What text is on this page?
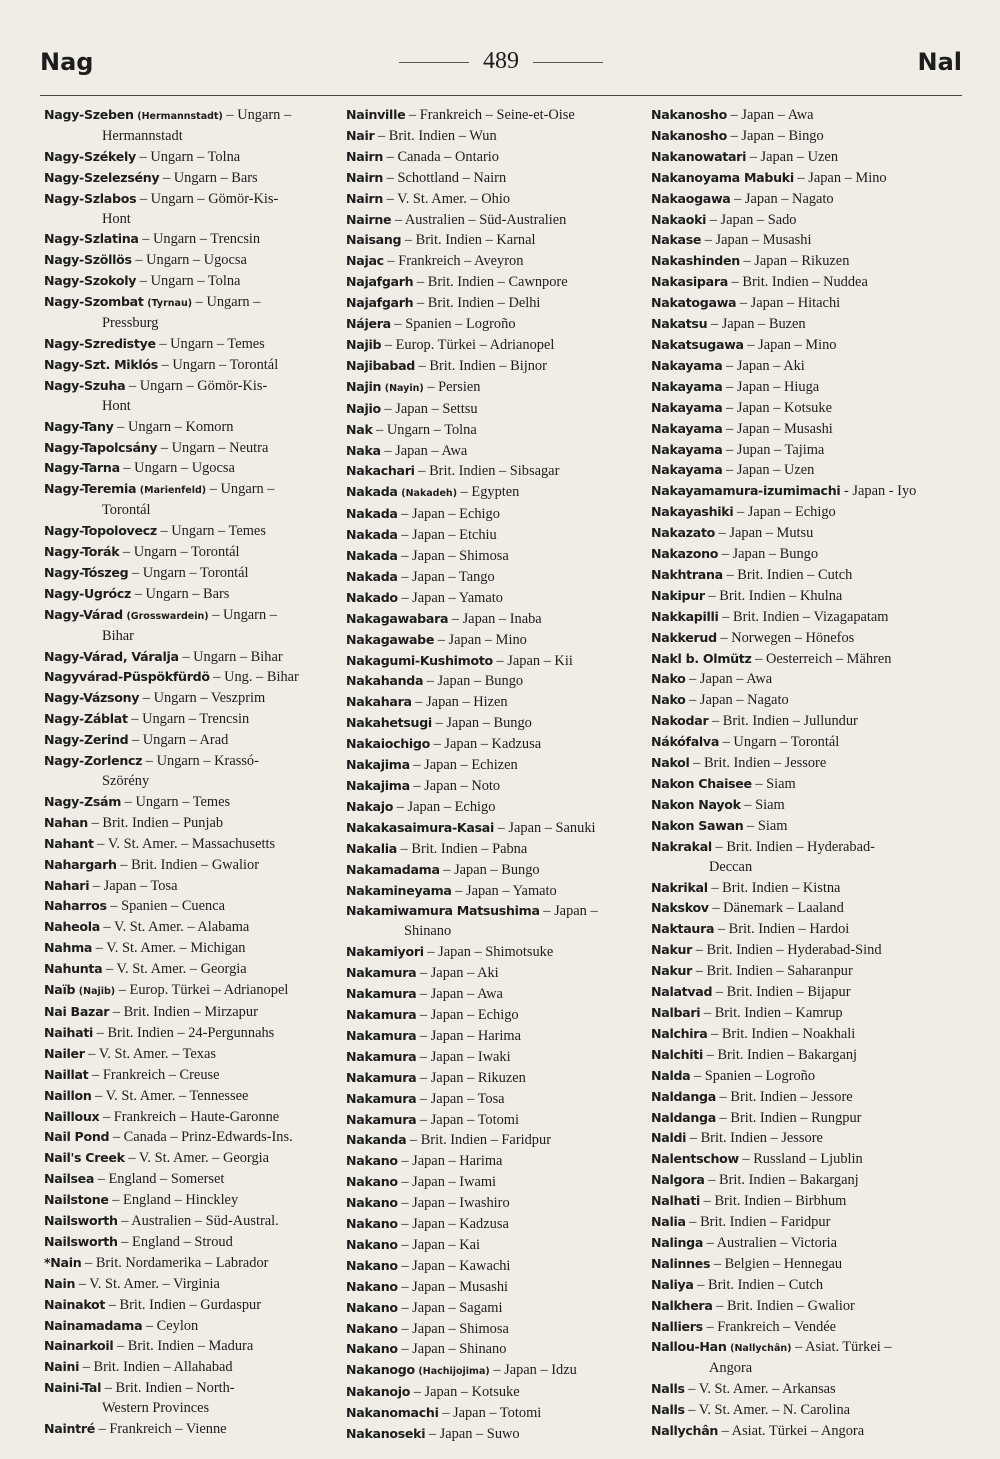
Nag	489	Nal
Nagy-Szeben (Hermannstadt) – Ungarn –
Hermannstadt
Nagy-Székely – Ungarn – Tolna
Nagy-Szelezsény – Ungarn – Bars
Nagy-Szlabos – Ungarn – Gömör-Kis-
Hont
Nagy-Szlatina – Ungarn – Trencsin
Nagy-Szöllös – Ungarn – Ugocsa
Nagy-Szokoly – Ungarn – Tolna
Nagy-Szombat (Tyrnau) – Ungarn –
Pressburg
Nagy-Szredistye – Ungarn – Temes
Nagy-Szt. Miklós – Ungarn – Torontál
Nagy-Szuha – Ungarn – Gömör-Kis-
Hont
Nagy-Tany – Ungarn – Komorn
Nagy-Tapolcsány – Ungarn – Neutra
Nagy-Tarna – Ungarn – Ugocsa
Nagy-Teremia (Marienfeld) – Ungarn –
Torontál
Nagy-Topolovecz – Ungarn – Temes
Nagy-Torák – Ungarn – Torontál
Nagy-Tószeg – Ungarn – Torontál
Nagy-Ugrócz – Ungarn – Bars
Nagy-Várad (Grosswardein) – Ungarn –
Bihar
Nagy-Várad, Váralja – Ungarn – Bihar
Nagyvárad-Püspökfürdö – Ung. – Bihar
Nagy-Vázsony – Ungarn – Veszprim
Nagy-Záblat – Ungarn – Trencsin
Nagy-Zerind – Ungarn – Arad
Nagy-Zorlencz – Ungarn – Krassó-
Szörény
Nagy-Zsám – Ungarn – Temes
Nahan – Brit. Indien – Punjab
Nahant – V. St. Amer. – Massachusetts
Nahargarh – Brit. Indien – Gwalior
Nahari – Japan – Tosa
Naharros – Spanien – Cuenca
Naheola – V. St. Amer. – Alabama
Nahma – V. St. Amer. – Michigan
Nahunta – V. St. Amer. – Georgia
Naïb (Najib) – Europ. Türkei – Adrianopel
Nai Bazar – Brit. Indien – Mirzapur
Naihati – Brit. Indien – 24-Pergunnahs
Nailer – V. St. Amer. – Texas
Naillat – Frankreich – Creuse
Naillon – V. St. Amer. – Tennessee
Nailloux – Frankreich – Haute-Garonne
Nail Pond – Canada – Prinz-Edwards-Ins.
Nail's Creek – V. St. Amer. – Georgia
Nailsea – England – Somerset
Nailstone – England – Hinckley
Nailsworth – Australien – Süd-Austral.
Nailsworth – England – Stroud
*Nain – Brit. Nordamerika – Labrador
Nain – V. St. Amer. – Virginia
Nainakot – Brit. Indien – Gurdaspur
Nainamadama – Ceylon
Nainarkoil – Brit. Indien – Madura
Naini – Brit. Indien – Allahabad
Naini-Tal – Brit. Indien – North-
Western Provinces
Naintré – Frankreich – Vienne
Nainville – Frankreich – Seine-et-Oise
Nair – Brit. Indien – Wun
Nairn – Canada – Ontario
Nairn – Schottland – Nairn
Nairn – V. St. Amer. – Ohio
Nairne – Australien – Süd-Australien
Naisang – Brit. Indien – Karnal
Najac – Frankreich – Aveyron
Najafgarh – Brit. Indien – Cawnpore
Najafgarh – Brit. Indien – Delhi
Nájera – Spanien – Logroño
Najib – Europ. Türkei – Adrianopel
Najibabad – Brit. Indien – Bijnor
Najin (Nayin) – Persien
Najio – Japan – Settsu
Nak – Ungarn – Tolna
Naka – Japan – Awa
Nakachari – Brit. Indien – Sibsagar
Nakada (Nakadeh) – Egypten
Nakada – Japan – Echigo
Nakada – Japan – Etchiu
Nakada – Japan – Shimosa
Nakada – Japan – Tango
Nakado – Japan – Yamato
Nakagawabara – Japan – Inaba
Nakagawabe – Japan – Mino
Nakagumi-Kushimoto – Japan – Kii
Nakahanda – Japan – Bungo
Nakahara – Japan – Hizen
Nakahetsugi – Japan – Bungo
Nakaiochigo – Japan – Kadzusa
Nakajima – Japan – Echizen
Nakajima – Japan – Noto
Nakajo – Japan – Echigo
Nakakasaimura-Kasai – Japan – Sanuki
Nakalia – Brit. Indien – Pabna
Nakamadama – Japan – Bungo
Nakamineyama – Japan – Yamato
Nakamiwamura Matsushima – Japan –
Shinano
Nakamiyori – Japan – Shimotsuke
Nakamura – Japan – Aki
Nakamura – Japan – Awa
Nakamura – Japan – Echigo
Nakamura – Japan – Harima
Nakamura – Japan – Iwaki
Nakamura – Japan – Rikuzen
Nakamura – Japan – Tosa
Nakamura – Japan – Totomi
Nakanda – Brit. Indien – Faridpur
Nakano – Japan – Harima
Nakano – Japan – Iwami
Nakano – Japan – Iwashiro
Nakano – Japan – Kadzusa
Nakano – Japan – Kai
Nakano – Japan – Kawachi
Nakano – Japan – Musashi
Nakano – Japan – Sagami
Nakano – Japan – Shimosa
Nakano – Japan – Shinano
Nakanogo (Hachijojima) – Japan – Idzu
Nakanojo – Japan – Kotsuke
Nakanomachi – Japan – Totomi
Nakanoseki – Japan – Suwo
Nakanosho – Japan – Awa
Nakanosho – Japan – Bingo
Nakanowatari – Japan – Uzen
Nakanoyama Mabuki – Japan – Mino
Nakaogawa – Japan – Nagato
Nakaoki – Japan – Sado
Nakase – Japan – Musashi
Nakashinden – Japan – Rikuzen
Nakasipara – Brit. Indien – Nuddea
Nakatogawa – Japan – Hitachi
Nakatsu – Japan – Buzen
Nakatsugawa – Japan – Mino
Nakayama – Japan – Aki
Nakayama – Japan – Hiuga
Nakayama – Japan – Kotsuke
Nakayama – Japan – Musashi
Nakayama – Jupan – Tajima
Nakayama – Japan – Uzen
Nakayamamura-izumimachi - Japan - Iyo
Nakayashiki – Japan – Echigo
Nakazato – Japan – Mutsu
Nakazono – Japan – Bungo
Nakhtrana – Brit. Indien – Cutch
Nakipur – Brit. Indien – Khulna
Nakkapilli – Brit. Indien – Vizagapatam
Nakkerud – Norwegen – Hönefos
Nakl b. Olmütz – Oesterreich – Mähren
Nako – Japan – Awa
Nako – Japan – Nagato
Nakodar – Brit. Indien – Jullundur
Nákófalva – Ungarn – Torontál
Nakol – Brit. Indien – Jessore
Nakon Chaisee – Siam
Nakon Nayok – Siam
Nakon Sawan – Siam
Nakrakal – Brit. Indien – Hyderabad-
Deccan
Nakrikal – Brit. Indien – Kistna
Nakskov – Dänemark – Laaland
Naktaura – Brit. Indien – Hardoi
Nakur – Brit. Indien – Hyderabad-Sind
Nakur – Brit. Indien – Saharanpur
Nalatvad – Brit. Indien – Bijapur
Nalbari – Brit. Indien – Kamrup
Nalchira – Brit. Indien – Noakhali
Nalchiti – Brit. Indien – Bakarganj
Nalda – Spanien – Logroño
Naldanga – Brit. Indien – Jessore
Naldanga – Brit. Indien – Rungpur
Naldi – Brit. Indien – Jessore
Nalentschow – Russland – Ljublin
Nalgora – Brit. Indien – Bakarganj
Nalhati – Brit. Indien – Birbhum
Nalia – Brit. Indien – Faridpur
Nalinga – Australien – Victoria
Nalinnes – Belgien – Hennegau
Naliya – Brit. Indien – Cutch
Nalkhera – Brit. Indien – Gwalior
Nalliers – Frankreich – Vendée
Nallou-Han (Nallychân) – Asiat. Türkei –
Angora
Nalls – V. St. Amer. – Arkansas
Nalls – V. St. Amer. – N. Carolina
Nallychân – Asiat. Türkei – Angora
